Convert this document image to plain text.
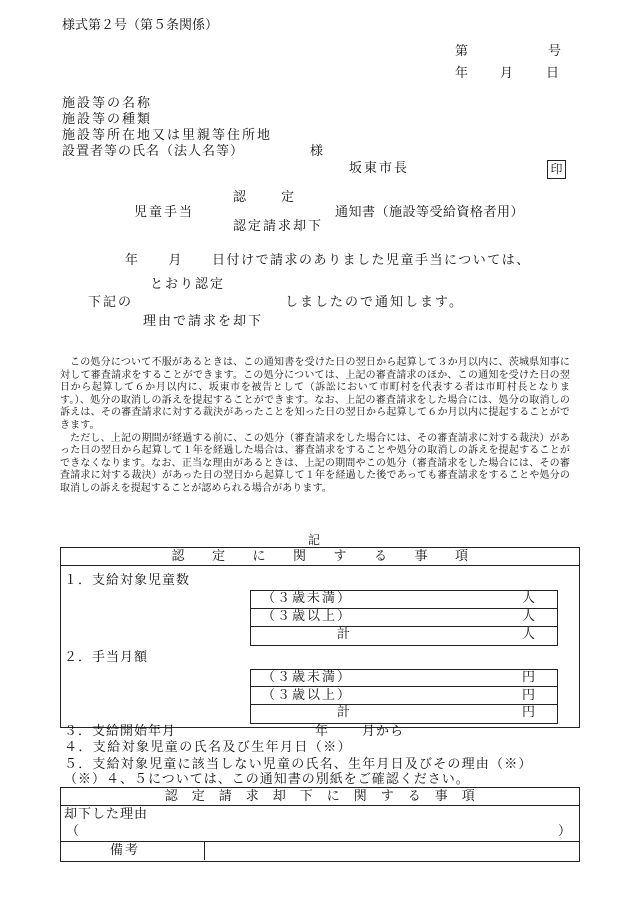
様式第２号（第５条関係）
第	号
年 月	日
施設等の名称
施設等の種類
施設等所在地又は里親等住所地
設置者等の氏名（法人名等）	様
坂東市長	印
認　　定
児童手当
認定請求却下
通知書（施設等受給資格者用）
年　　月　　日付けで請求のありました児童手当については、
とおり認定
下記の	しましたので通知します。
理由で請求を却下

この処分について不服があるときは、この通知書を受けた日の翌日から起算して３か月以内に、茨城県知事に対して審査請求をすることができます。この処分については、上記の審査請求のほか、この通知を受けた日の翌日から起算して６か月以内に、坂東市を被告として（訴訟において市町村を代表する者は市町村長となります。）、処分の取消しの訴えを提起することができます。なお、上記の審査請求をした場合には、処分の取消しの訴えは、その審査請求に対する裁決があったことを知った日の翌日から起算して６か月以内に提起することができます。

ただし、上記の期間が経過する前に、この処分（審査請求をした場合には、その審査請求に対する裁決）があった日の翌日から起算して１年を経過した場合は、審査請求をすることや処分の取消しの訴えを提起することができなくなります。なお、正当な理由があるときは、上記の期間やこの処分（審査請求をした場合には、その審査請求に対する裁決）があった日の翌日から起算して１年を経過した後であっても審査請求をすることや処分の取消しの訴えを提起することが認められる場合があります。

記
認　　定　　に　　関　　す　　る　　事　　項
１．支給対象児童数
（３歳未満）	人
（３歳以上）	人
計	人
２．手当月額
（３歳未満）	円
（３歳以上）	円
計	円
３．支給開始年月	年	月から
４．支給対象児童の氏名及び生年月日（※）
５．支給対象児童に該当しない児童の氏名、生年月日及びその理由（※）
（※）４、５については、この通知書の別紙をご確認ください。
認　定　請　求　却　下　に　関　す　る　事　項
却下した理由
（	）
備考
